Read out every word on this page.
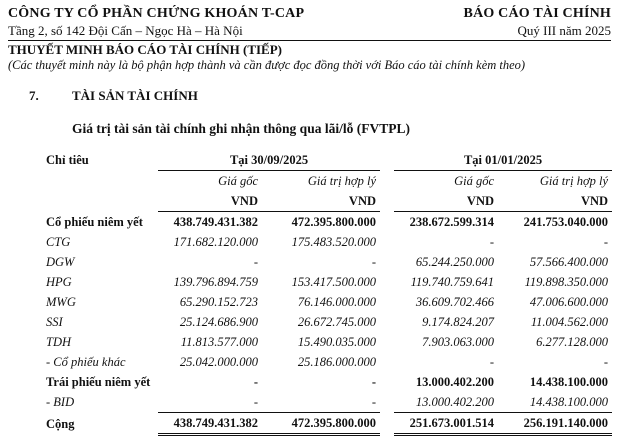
CÔNG TY CỔ PHẦN CHỨNG KHOÁN T-CAP
Tầng 2, số 142 Đội Cấn – Ngọc Hà – Hà Nội
BÁO CÁO TÀI CHÍNH
Quý III năm 2025
THUYẾT MINH BÁO CÁO TÀI CHÍNH (TIẾP)
(Các thuyết minh này là bộ phận hợp thành và cần được đọc đồng thời với Báo cáo tài chính kèm theo)
7.	TÀI SẢN TÀI CHÍNH
Giá trị tài sản tài chính ghi nhận thông qua lãi/lỗ (FVTPL)
Chỉ tiêu	Tại 30/09/2025			Tại 01/01/2025	
	Giá gốc	Giá trị hợp lý		Giá gốc	Giá trị hợp lý
	VND	VND		VND	VND
Cổ phiếu niêm yết	438.749.431.382	472.395.800.000		238.672.599.314	241.753.040.000
CTG	171.682.120.000	175.483.520.000		-	-
DGW	-	-		65.244.250.000	57.566.400.000
HPG	139.796.894.759	153.417.500.000		119.740.759.641	119.898.350.000
MWG	65.290.152.723	76.146.000.000		36.609.702.466	47.006.600.000
SSI	25.124.686.900	26.672.745.000		9.174.824.207	11.004.562.000
TDH	11.813.577.000	15.490.035.000		7.903.063.000	6.277.128.000
- Cổ phiếu khác	25.042.000.000	25.186.000.000		-	-
Trái phiếu niêm yết	-	-		13.000.402.200	14.438.100.000
- BID	-	-		13.000.402.200	14.438.100.000
Cộng	438.749.431.382	472.395.800.000		251.673.001.514	256.191.140.000
